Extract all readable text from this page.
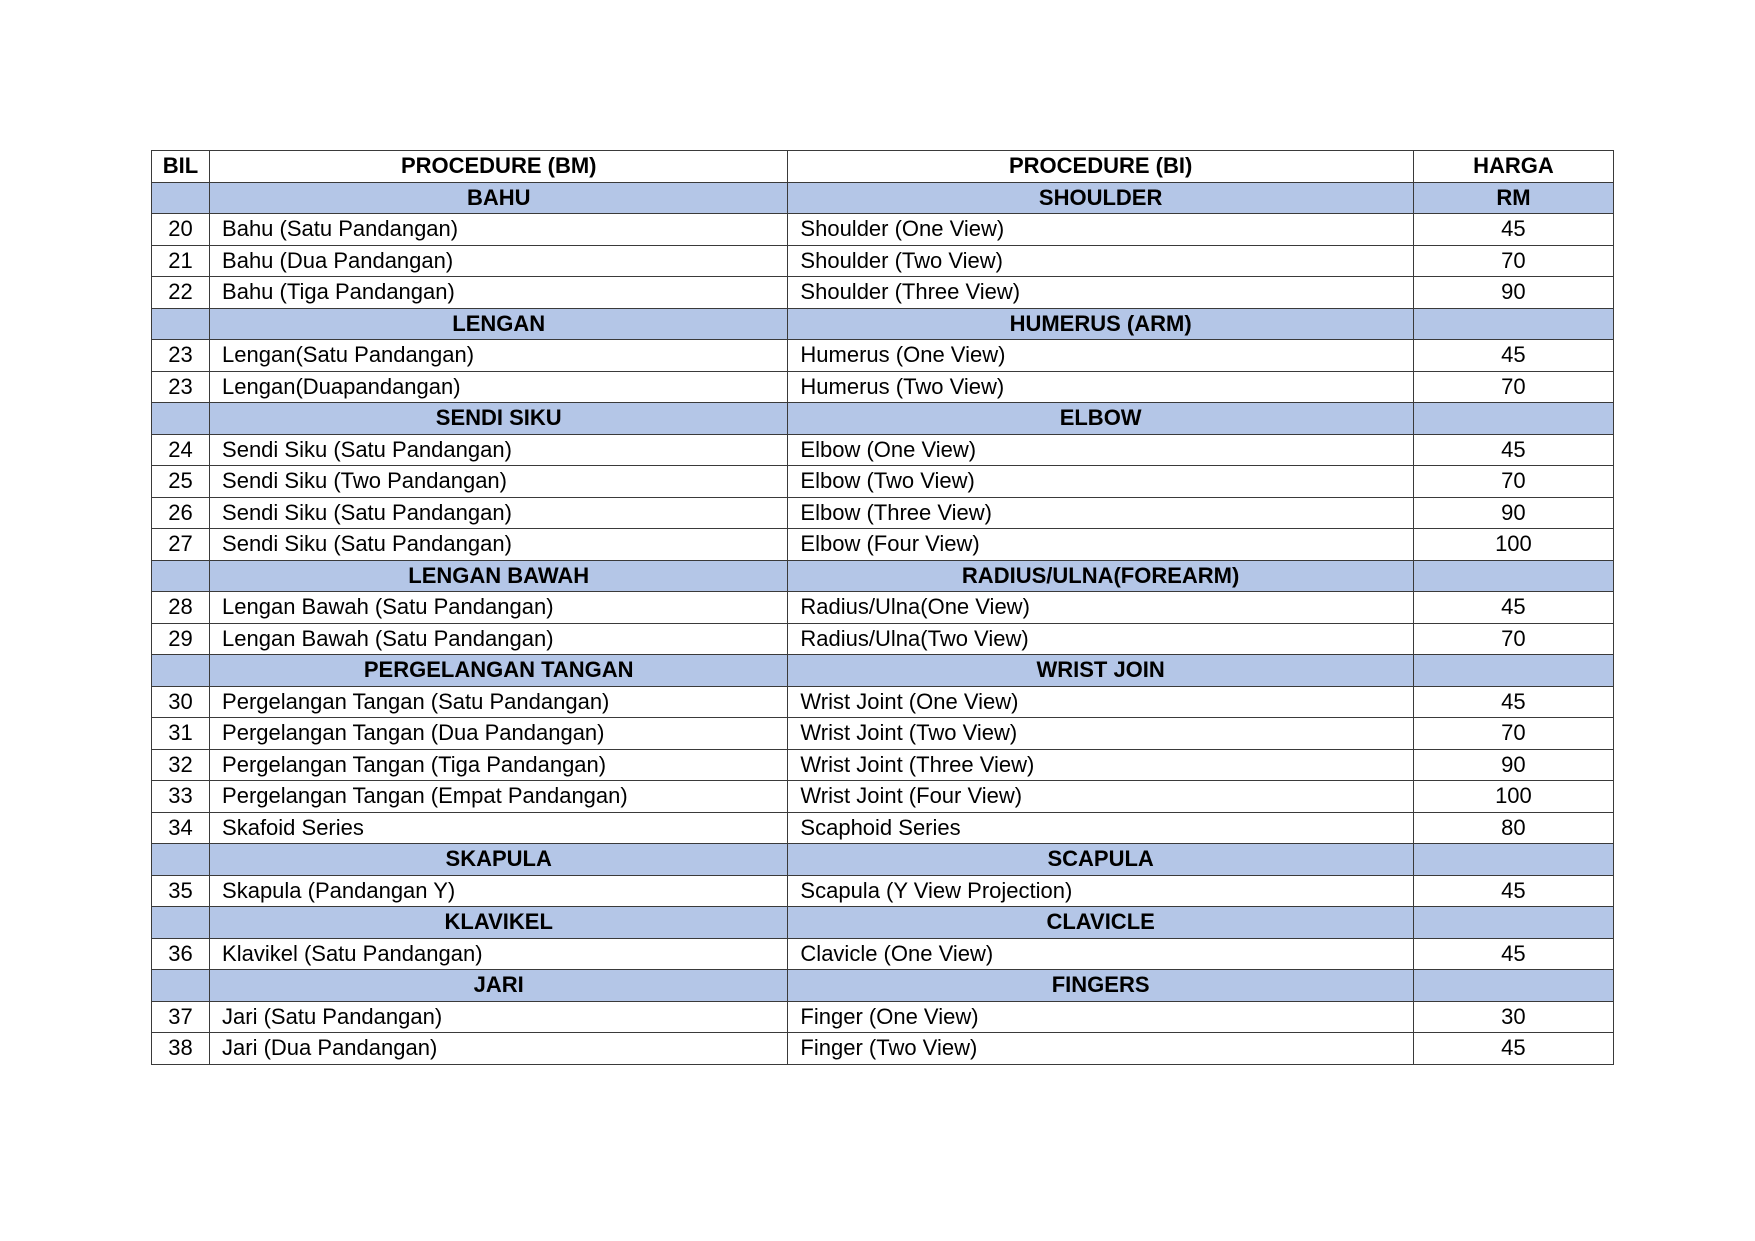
BIL	PROCEDURE (BM)	PROCEDURE (BI)	HARGA
	BAHU	SHOULDER	RM
20	Bahu (Satu Pandangan)	Shoulder (One View)	45
21	Bahu (Dua Pandangan)	Shoulder (Two View)	70
22	Bahu (Tiga Pandangan)	Shoulder (Three View)	90
	LENGAN	HUMERUS (ARM)	
23	Lengan(Satu Pandangan)	Humerus (One View)	45
23	Lengan(Duapandangan)	Humerus (Two View)	70
	SENDI SIKU	ELBOW	
24	Sendi Siku (Satu Pandangan)	Elbow (One View)	45
25	Sendi Siku (Two Pandangan)	Elbow (Two View)	70
26	Sendi Siku (Satu Pandangan)	Elbow (Three View)	90
27	Sendi Siku (Satu Pandangan)	Elbow (Four View)	100
	LENGAN BAWAH	RADIUS/ULNA(FOREARM)	
28	Lengan Bawah (Satu Pandangan)	Radius/Ulna(One View)	45
29	Lengan Bawah (Satu Pandangan)	Radius/Ulna(Two View)	70
	PERGELANGAN TANGAN	WRIST JOIN	
30	Pergelangan Tangan (Satu Pandangan)	Wrist Joint (One View)	45
31	Pergelangan Tangan (Dua Pandangan)	Wrist Joint (Two View)	70
32	Pergelangan Tangan (Tiga Pandangan)	Wrist Joint (Three View)	90
33	Pergelangan Tangan (Empat Pandangan)	Wrist Joint (Four View)	100
34	Skafoid Series	Scaphoid Series	80
	SKAPULA	SCAPULA	
35	Skapula (Pandangan Y)	Scapula (Y View Projection)	45
	KLAVIKEL	CLAVICLE	
36	Klavikel (Satu Pandangan)	Clavicle (One View)	45
	JARI	FINGERS	
37	Jari (Satu Pandangan)	Finger (One View)	30
38	Jari (Dua Pandangan)	Finger (Two View)	45
